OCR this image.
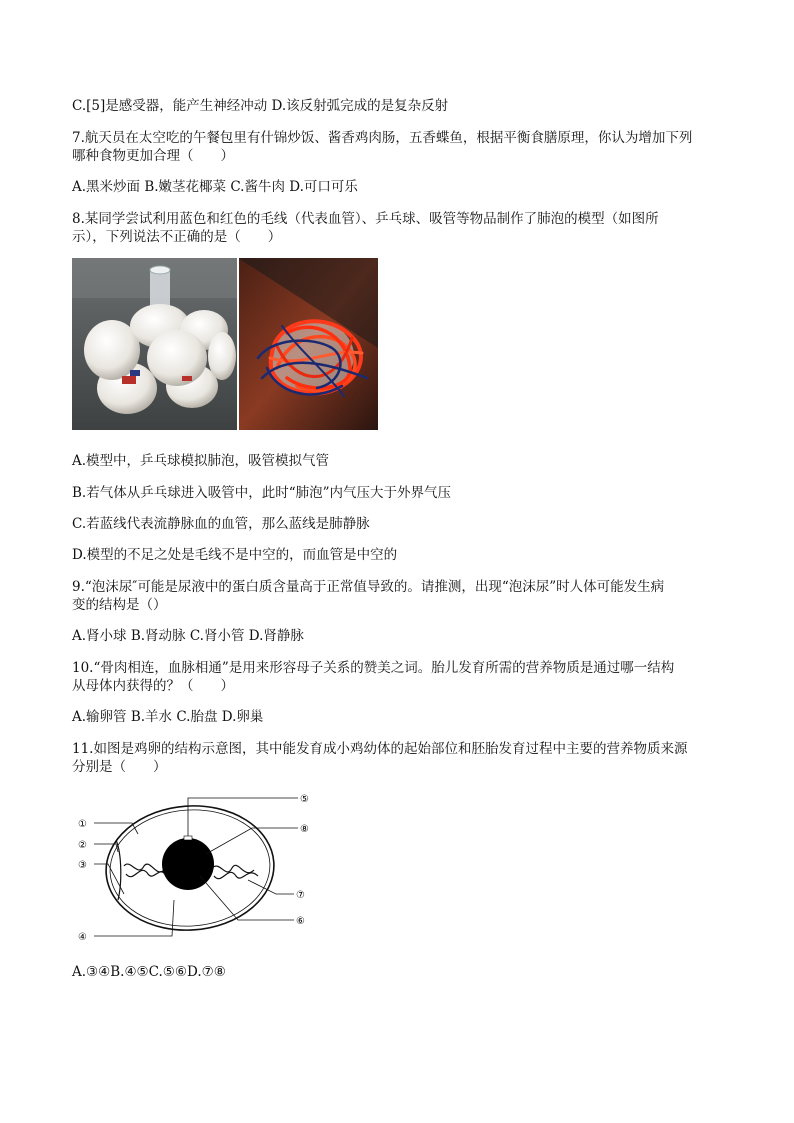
C.[5]是感受器，能产生神经冲动 D.该反射弧完成的是复杂反射
7.航天员在太空吃的午餐包里有什锦炒饭、酱香鸡肉肠，五香蝶鱼，根据平衡食膳原理，你认为增加下列
哪种食物更加合理（　　）
A.黑米炒面 B.嫩茎花椰菜 C.酱牛肉 D.可口可乐
8.某同学尝试利用蓝色和红色的毛线（代表血管）、乒乓球、吸管等物品制作了肺泡的模型（如图所
示），下列说法不正确的是（　　）
A.模型中，乒乓球模拟肺泡，吸管模拟气管
B.若气体从乒乓球进入吸管中，此时“肺泡”内气压大于外界气压
C.若蓝线代表流静脉血的血管，那么蓝线是肺静脉
D.模型的不足之处是毛线不是中空的，而血管是中空的
9.“泡沫尿″可能是尿液中的蛋白质含量高于正常值导致的。请推测，出现“泡沫尿”时人体可能发生病
变的结构是（）
A.肾小球 B.肾动脉 C.肾小管 D.肾静脉
10.“骨肉相连，血脉相通”是用来形容母子关系的赞美之词。胎儿发育所需的营养物质是通过哪一结构
从母体内获得的？（　　）
A.输卵管 B.羊水 C.胎盘 D.卵巢
11.如图是鸡卵的结构示意图，其中能发育成小鸡幼体的起始部位和胚胎发育过程中主要的营养物质来源
分别是（　　）
①
②
③
④
⑤
⑥
⑦
⑧
A.③④B.④⑤C.⑤⑥D.⑦⑧
